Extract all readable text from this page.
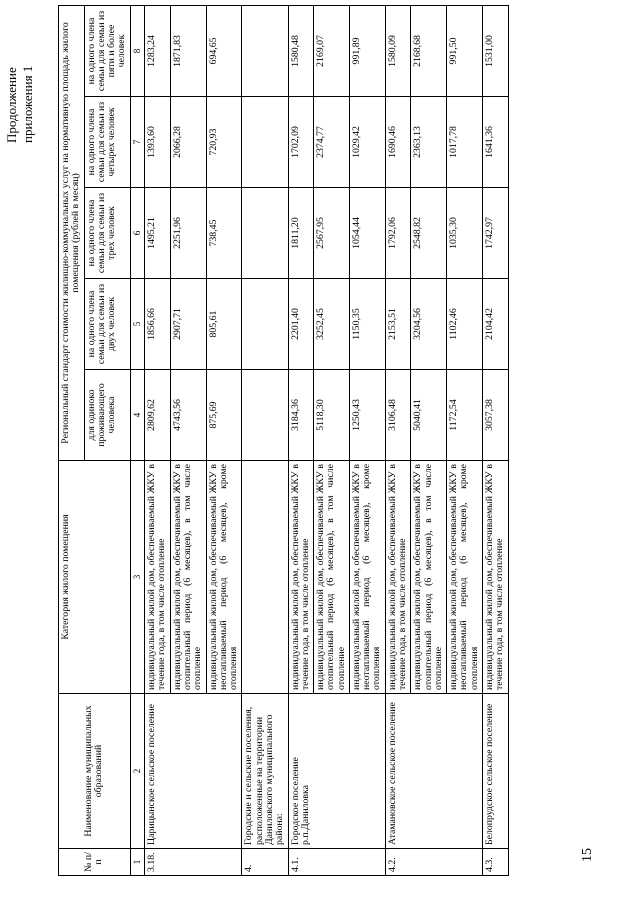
15
Продолжение приложения 1
№ п/п	Наименование муниципальных образований	Категория жилого помещения	Региональный стандарт стоимости жилищно-коммунальных услуг на нормативную площадь жилого помещения (рублей в месяц)				
			для одиноко проживающего человека	на одного члена семьи для семьи из двух человек	на одного члена семьи для семьи из трех человек	на одного члена семьи для семьи из четырех человек	на одного члена семьи для семьи из пяти и более человек
1	2	3	4	5	6	7	8
3.18.	Царицынское сельское поселение	индивидуальный жилой дом, обеспечиваемый ЖКУ в течение года, в том числе отопление	2809,62	1856,66	1495,21	1393,60	1283,24
		индивидуальный жилой дом, обеспечиваемый ЖКУ в отопительный период (6 месяцев), в том числе отопление	4743,56	2907,71	2251,96	2066,28	1871,83
		индивидуальный жилой дом, обеспечиваемый ЖКУ в неотапливаемый период (6 месяцев), кроме отопления	875,69	805,61	738,45	720,93	694,65
4.	Городские и сельские поселения, расположенные на территории Даниловского муниципального района:						
4.1.	Городское поселение р.п.Даниловка	индивидуальный жилой дом, обеспечиваемый ЖКУ в течение года, в том числе отопление	3184,36	2201,40	1811,20	1702,09	1580,48
		индивидуальный жилой дом, обеспечиваемый ЖКУ в отопительный период (6 месяцев), в том числе отопление	5118,30	3252,45	2567,95	2374,77	2169,07
		индивидуальный жилой дом, обеспечиваемый ЖКУ в неотапливаемый период (6 месяцев), кроме отопления	1250,43	1150,35	1054,44	1029,42	991,89
4.2.	Атамановское сельское поселение	индивидуальный жилой дом, обеспечиваемый ЖКУ в течение года, в том числе отопление	3106,48	2153,51	1792,06	1690,46	1580,09
		индивидуальный жилой дом, обеспечиваемый ЖКУ в отопительный период (6 месяцев), в том числе отопление	5040,41	3204,56	2548,82	2363,13	2168,68
		индивидуальный жилой дом, обеспечиваемый ЖКУ в неотапливаемый период (6 месяцев), кроме отопления	1172,54	1102,46	1035,30	1017,78	991,50
4.3.	Белопрудское сельское поселение	индивидуальный жилой дом, обеспечиваемый ЖКУ в течение года, в том числе отопление	3057,38	2104,42	1742,97	1641,36	1531,00
